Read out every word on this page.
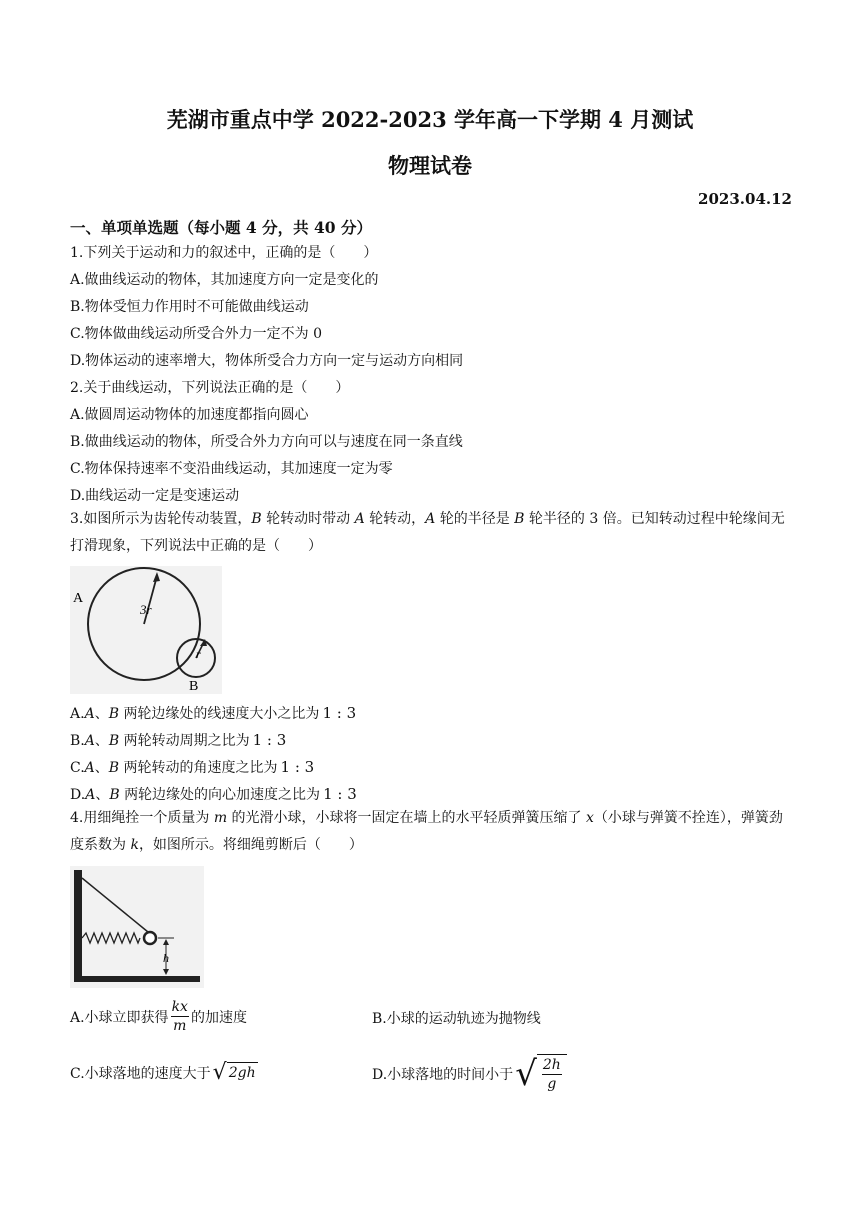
芜湖市重点中学 2022-2023 学年高一下学期 4 月测试
物理试卷
2023.04.12
一、单项单选题（每小题 4 分，共 40 分）
1.下列关于运动和力的叙述中，正确的是（　　）
A.做曲线运动的物体，其加速度方向一定是变化的
B.物体受恒力作用时不可能做曲线运动
C.物体做曲线运动所受合外力一定不为 0
D.物体运动的速率增大，物体所受合力方向一定与运动方向相同
2.关于曲线运动，下列说法正确的是（　　）
A.做圆周运动物体的加速度都指向圆心
B.做曲线运动的物体，所受合外力方向可以与速度在同一条直线
C.物体保持速率不变沿曲线运动，其加速度一定为零
D.曲线运动一定是变速运动
3.如图所示为齿轮传动装置，B 轮转动时带动 A 轮转动，A 轮的半径是 B 轮半径的 3 倍。已知转动过程中轮缘间无打滑现象，下列说法中正确的是（　　）
A
3r
r
B
A.A、B 两轮边缘处的线速度大小之比为 1 : 3
B.A、B 两轮转动周期之比为 1 : 3
C.A、B 两轮转动的角速度之比为 1 : 3
D.A、B 两轮边缘处的向心加速度之比为 1 : 3
4.用细绳拴一个质量为 m 的光滑小球，小球将一固定在墙上的水平轻质弹簧压缩了 x（小球与弹簧不拴连），弹簧劲度系数为 k，如图所示。将细绳剪断后（　　）
h
A.小球立即获得 $\frac{kx}{m}$ 的加速度	B.小球的运动轨迹为抛物线
C.小球落地的速度大于 √ 2gh	D.小球落地的时间小于 √ $\frac{2h}{g}$
